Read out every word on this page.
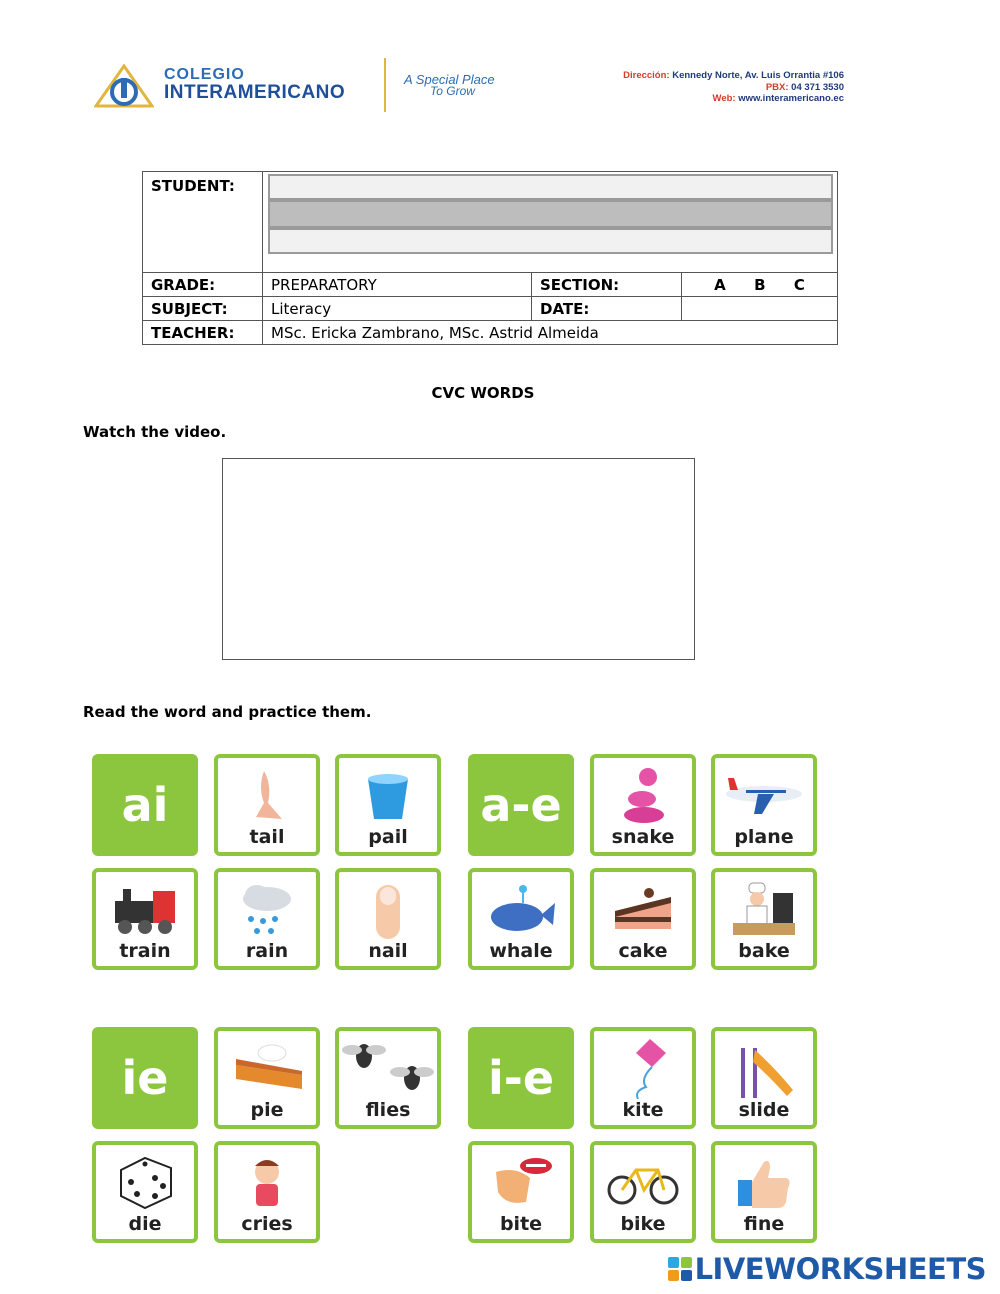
COLEGIO
INTERAMERICANO
A Special Place
To Grow
Dirección: Kennedy Norte, Av. Luis Orrantia #106
PBX: 04 371 3530
Web: www.interamericano.ec
STUDENT:			

GRADE:	PREPARATORY	SECTION:	A B C

SUBJECT:	Literacy	DATE:	
TEACHER:	MSc. Ericka Zambrano, MSc. Astrid Almeida		
CVC WORDS
Watch the video.
Read the word and practice them.
ai
tail	pail
train	rain	nail
a-e
snake	plane
whale	cake	bake
ie
pie	flies
die	cries
i-e
kite	slide
bite	bike	fine
LIVEWORKSHEETS
